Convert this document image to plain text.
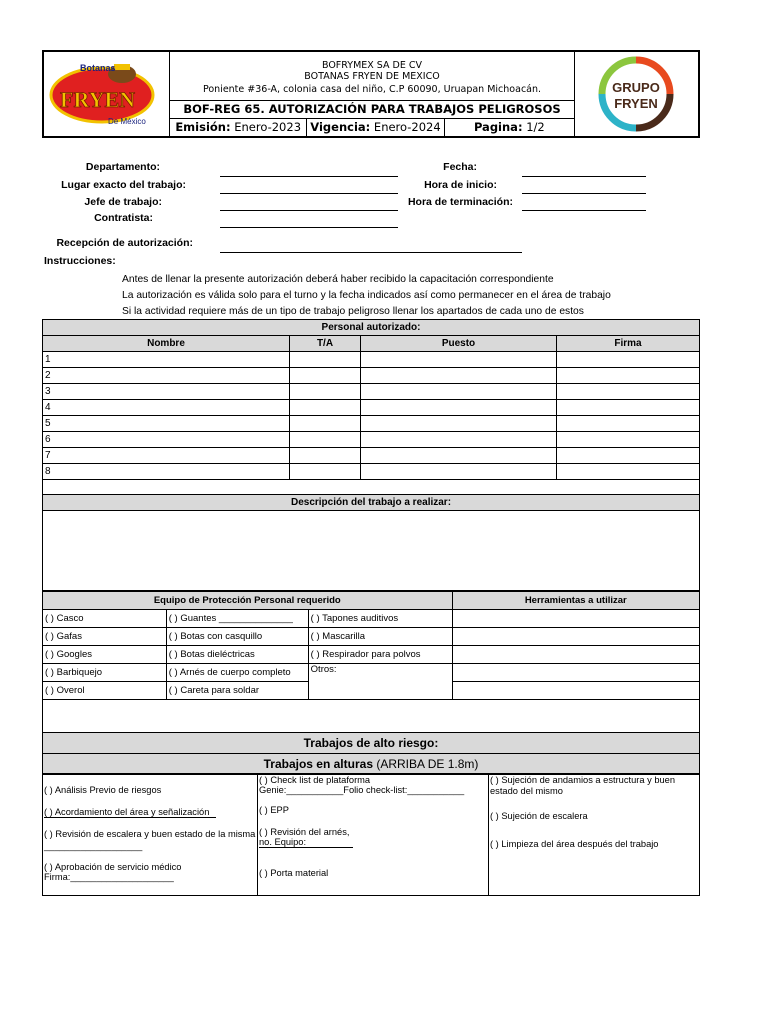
Botanas
FRYEN
De México
BOFRYMEX SA DE CV
BOTANAS FRYEN DE MEXICO
Poniente #36-A, colonia casa del niño, C.P 60090, Uruapan Michoacán.
BOF-REG 65. AUTORIZACIÓN PARA TRABAJOS PELIGROSOS
Emisión: Enero-2023 Vigencia: Enero-2024	Pagina: 1/2
GRUPO
FRYEN
Departamento:
Lugar exacto del trabajo:
Jefe de trabajo:
Contratista:
Fecha:
Hora de inicio:
Hora de terminación:
Recepción de autorización:
Instrucciones:
Antes de llenar la presente autorización deberá haber recibido la capacitación correspondiente
La autorización es válida solo para el turno y la fecha indicados así como permanecer en el área de trabajo
Si la actividad requiere más de un tipo de trabajo peligroso llenar los apartados de cada uno de estos
Personal autorizado:			
Nombre	T/A	Puesto	Firma
1			
2			
3			
4			
5			
6			
7			
8			

Descripción del trabajo a realizar:			

Equipo de Protección Personal requerido			Herramientas a utilizar
( ) Casco	( ) Guantes ______________	( ) Tapones auditivos	
( ) Gafas	( ) Botas con casquillo	( ) Mascarilla	
( ) Googles	( ) Botas dieléctricas	( ) Respirador para polvos	
( ) Barbiquejo	( ) Arnés de cuerpo completo	Otros:	
( ) Overol	( ) Careta para soldar		

Trabajos de alto riesgo:			
Trabajos en alturas (ARRIBA DE 1.8m)			
( ) Análisis Previo de riesgos
( ) Acordamiento del área y señalización
( ) Revisión de escalera y buen estado de la misma ___________________
( ) Aprobación de servicio médico
Firma:____________________

( ) Check list de plataforma
Genie:___________Folio check-list:___________
( ) EPP
( ) Revisión del arnés, no. Equipo:
( ) Porta material

( ) Sujeción de andamios a estructura y buen estado del mismo
( ) Sujeción de escalera
( ) Limpieza del área después del trabajo
